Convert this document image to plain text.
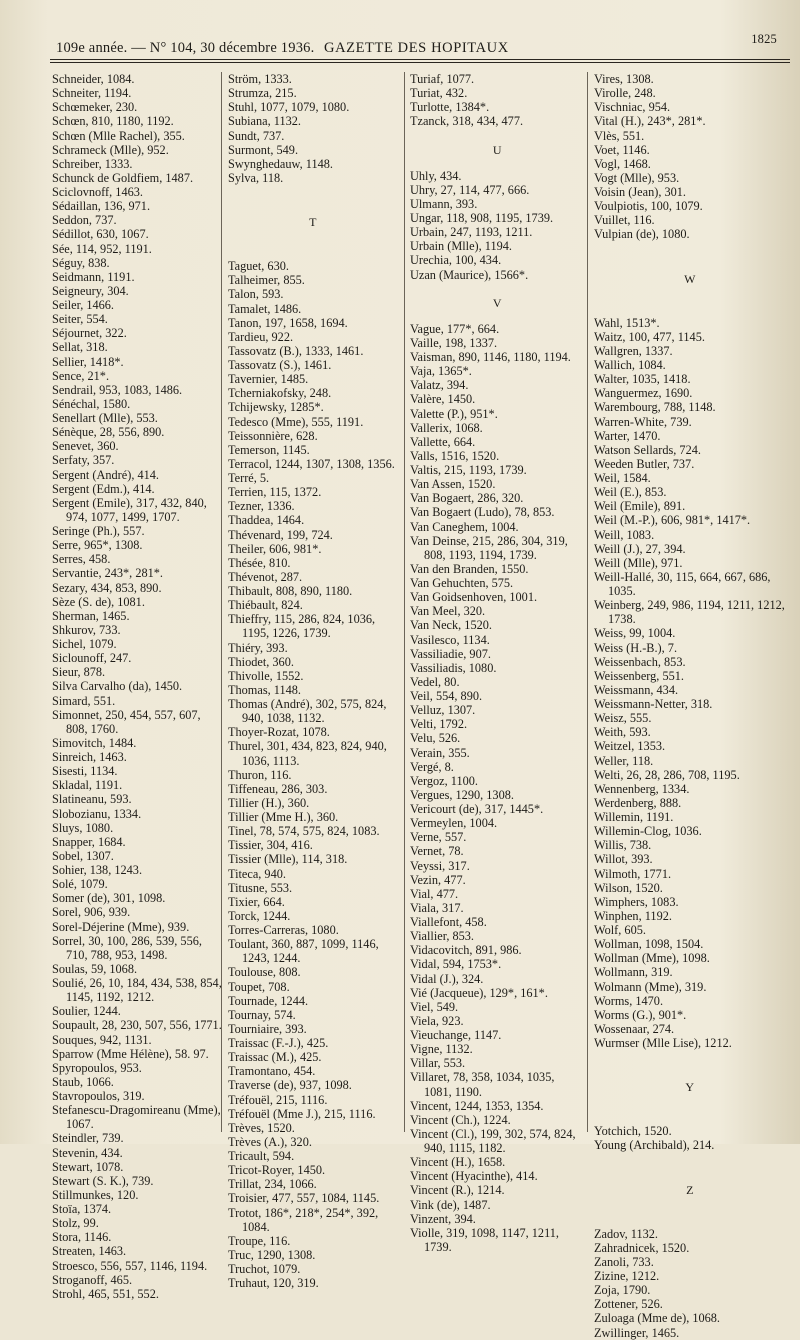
109e année. — N° 104, 30 décembre 1936. GAZETTE DES HOPITAUX
1825
Schneider, 1084.
Schneiter, 1194.
Schœmeker, 230.
Schœn, 810, 1180, 1192.
Schœn (Mlle Rachel), 355.
Schrameck (Mlle), 952.
Schreiber, 1333.
Schunck de Goldfiem, 1487.
Sciclovnoff, 1463.
Sédaillan, 136, 971.
Seddon, 737.
Sédillot, 630, 1067.
Sée, 114, 952, 1191.
Séguy, 838.
Seidmann, 1191.
Seigneury, 304.
Seiler, 1466.
Seiter, 554.
Séjournet, 322.
Sellat, 318.
Sellier, 1418*.
Sence, 21*.
Sendrail, 953, 1083, 1486.
Sénéchal, 1580.
Senellart (Mlle), 553.
Sénèque, 28, 556, 890.
Senevet, 360.
Serfaty, 357.
Sergent (André), 414.
Sergent (Edm.), 414.
Sergent (Emile), 317, 432, 840, 974, 1077, 1499, 1707.
Seringe (Ph.), 557.
Serre, 965*, 1308.
Serres, 458.
Servantie, 243*, 281*.
Sezary, 434, 853, 890.
Sèze (S. de), 1081.
Sherman, 1465.
Shkurov, 733.
Sichel, 1079.
Siclounoff, 247.
Sieur, 878.
Silva Carvalho (da), 1450.
Simard, 551.
Simonnet, 250, 454, 557, 607, 808, 1760.
Simovitch, 1484.
Sinreich, 1463.
Sisesti, 1134.
Skladal, 1191.
Slatineanu, 593.
Slobozianu, 1334.
Sluys, 1080.
Snapper, 1684.
Sobel, 1307.
Sohier, 138, 1243.
Solé, 1079.
Somer (de), 301, 1098.
Sorel, 906, 939.
Sorel-Déjerine (Mme), 939.
Sorrel, 30, 100, 286, 539, 556, 710, 788, 953, 1498.
Soulas, 59, 1068.
Soulié, 26, 10, 184, 434, 538, 854, 1145, 1192, 1212.
Soulier, 1244.
Soupault, 28, 230, 507, 556, 1771.
Souques, 942, 1131.
Sparrow (Mme Hélène), 58. 97.
Spyropoulos, 953.
Staub, 1066.
Stavropoulos, 319.
Stefanescu-Dragomireanu (Mme), 1067.
Steindler, 739.
Stevenin, 434.
Stewart, 1078.
Stewart (S. K.), 739.
Stillmunkes, 120.
Stoïa, 1374.
Stolz, 99.
Stora, 1146.
Streaten, 1463.
Stroesco, 556, 557, 1146, 1194.
Stroganoff, 465.
Strohl, 465, 551, 552.
Ström, 1333.
Strumza, 215.
Stuhl, 1077, 1079, 1080.
Subiana, 1132.
Sundt, 737.
Surmont, 549.
Swynghedauw, 1148.
Sylva, 118.
T
Taguet, 630.
Talheimer, 855.
Talon, 593.
Tamalet, 1486.
Tanon, 197, 1658, 1694.
Tardieu, 922.
Tassovatz (B.), 1333, 1461.
Tassovatz (S.), 1461.
Tavernier, 1485.
Tcherniakofsky, 248.
Tchijewsky, 1285*.
Tedesco (Mme), 555, 1191.
Teissonnière, 628.
Temerson, 1145.
Terracol, 1244, 1307, 1308, 1356.
Terré, 5.
Terrien, 115, 1372.
Tezner, 1336.
Thaddea, 1464.
Thévenard, 199, 724.
Theiler, 606, 981*.
Thésée, 810.
Thévenot, 287.
Thibault, 808, 890, 1180.
Thiébault, 824.
Thieffry, 115, 286, 824, 1036, 1195, 1226, 1739.
Thiéry, 393.
Thiodet, 360.
Thivolle, 1552.
Thomas, 1148.
Thomas (André), 302, 575, 824, 940, 1038, 1132.
Thoyer-Rozat, 1078.
Thurel, 301, 434, 823, 824, 940, 1036, 1113.
Thuron, 116.
Tiffeneau, 286, 303.
Tillier (H.), 360.
Tillier (Mme H.), 360.
Tinel, 78, 574, 575, 824, 1083.
Tissier, 304, 416.
Tissier (Mlle), 114, 318.
Titeca, 940.
Titusne, 553.
Tixier, 664.
Torck, 1244.
Torres-Carreras, 1080.
Toulant, 360, 887, 1099, 1146, 1243, 1244.
Toulouse, 808.
Toupet, 708.
Tournade, 1244.
Tournay, 574.
Tourniaire, 393.
Traissac (F.-J.), 425.
Traissac (M.), 425.
Tramontano, 454.
Traverse (de), 937, 1098.
Tréfouël, 215, 1116.
Tréfouël (Mme J.), 215, 1116.
Trèves, 1520.
Trèves (A.), 320.
Tricault, 594.
Tricot-Royer, 1450.
Trillat, 234, 1066.
Troisier, 477, 557, 1084, 1145.
Trotot, 186*, 218*, 254*, 392, 1084.
Troupe, 116.
Truc, 1290, 1308.
Truchot, 1079.
Truhaut, 120, 319.
Turiaf, 1077.
Turiat, 432.
Turlotte, 1384*.
Tzanck, 318, 434, 477.
U
Uhly, 434.
Uhry, 27, 114, 477, 666.
Ulmann, 393.
Ungar, 118, 908, 1195, 1739.
Urbain, 247, 1193, 1211.
Urbain (Mlle), 1194.
Urechia, 100, 434.
Uzan (Maurice), 1566*.
V
Vague, 177*, 664.
Vaille, 198, 1337.
Vaisman, 890, 1146, 1180, 1194.
Vaja, 1365*.
Valatz, 394.
Valère, 1450.
Valette (P.), 951*.
Vallerix, 1068.
Vallette, 664.
Valls, 1516, 1520.
Valtis, 215, 1193, 1739.
Van Assen, 1520.
Van Bogaert, 286, 320.
Van Bogaert (Ludo), 78, 853.
Van Caneghem, 1004.
Van Deinse, 215, 286, 304, 319, 808, 1193, 1194, 1739.
Van den Branden, 1550.
Van Gehuchten, 575.
Van Goidsenhoven, 1001.
Van Meel, 320.
Van Neck, 1520.
Vasilesco, 1134.
Vassiliadie, 907.
Vassiliadis, 1080.
Vedel, 80.
Veil, 554, 890.
Velluz, 1307.
Velti, 1792.
Velu, 526.
Verain, 355.
Vergé, 8.
Vergoz, 1100.
Vergues, 1290, 1308.
Vericourt (de), 317, 1445*.
Vermeylen, 1004.
Verne, 557.
Vernet, 78.
Veyssi, 317.
Vezin, 477.
Vial, 477.
Viala, 317.
Viallefont, 458.
Viallier, 853.
Vidacovitch, 891, 986.
Vidal, 594, 1753*.
Vidal (J.), 324.
Vié (Jacqueue), 129*, 161*.
Viel, 549.
Viela, 923.
Vieuchange, 1147.
Vigne, 1132.
Villar, 553.
Villaret, 78, 358, 1034, 1035, 1081, 1190.
Vincent, 1244, 1353, 1354.
Vincent (Ch.), 1224.
Vincent (Cl.), 199, 302, 574, 824, 940, 1115, 1182.
Vincent (H.), 1658.
Vincent (Hyacinthe), 414.
Vincent (R.), 1214.
Vink (de), 1487.
Vinzent, 394.
Violle, 319, 1098, 1147, 1211, 1739.
Vires, 1308.
Virolle, 248.
Vischniac, 954.
Vital (H.), 243*, 281*.
Vlès, 551.
Voet, 1146.
Vogl, 1468.
Vogt (Mlle), 953.
Voisin (Jean), 301.
Voulpiotis, 100, 1079.
Vuillet, 116.
Vulpian (de), 1080.
W
Wahl, 1513*.
Waitz, 100, 477, 1145.
Wallgren, 1337.
Wallich, 1084.
Walter, 1035, 1418.
Wanguermez, 1690.
Warembourg, 788, 1148.
Warren-White, 739.
Warter, 1470.
Watson Sellards, 724.
Weeden Butler, 737.
Weil, 1584.
Weil (E.), 853.
Weil (Emile), 891.
Weil (M.-P.), 606, 981*, 1417*.
Weill, 1083.
Weill (J.), 27, 394.
Weill (Mlle), 971.
Weill-Hallé, 30, 115, 664, 667, 686, 1035.
Weinberg, 249, 986, 1194, 1211, 1212, 1738.
Weiss, 99, 1004.
Weiss (H.-B.), 7.
Weissenbach, 853.
Weissenberg, 551.
Weissmann, 434.
Weissmann-Netter, 318.
Weisz, 555.
Weith, 593.
Weitzel, 1353.
Weller, 118.
Welti, 26, 28, 286, 708, 1195.
Wennenberg, 1334.
Werdenberg, 888.
Willemin, 1191.
Willemin-Clog, 1036.
Willis, 738.
Willot, 393.
Wilmoth, 1771.
Wilson, 1520.
Wimphers, 1083.
Winphen, 1192.
Wolf, 605.
Wollman, 1098, 1504.
Wollman (Mme), 1098.
Wollmann, 319.
Wolmann (Mme), 319.
Worms, 1470.
Worms (G.), 901*.
Wossenaar, 274.
Wurmser (Mlle Lise), 1212.
Y
Yotchich, 1520.
Young (Archibald), 214.
Z
Zadov, 1132.
Zahradnicek, 1520.
Zanoli, 733.
Zizine, 1212.
Zoja, 1790.
Zottener, 526.
Zuloaga (Mme de), 1068.
Zwillinger, 1465.
